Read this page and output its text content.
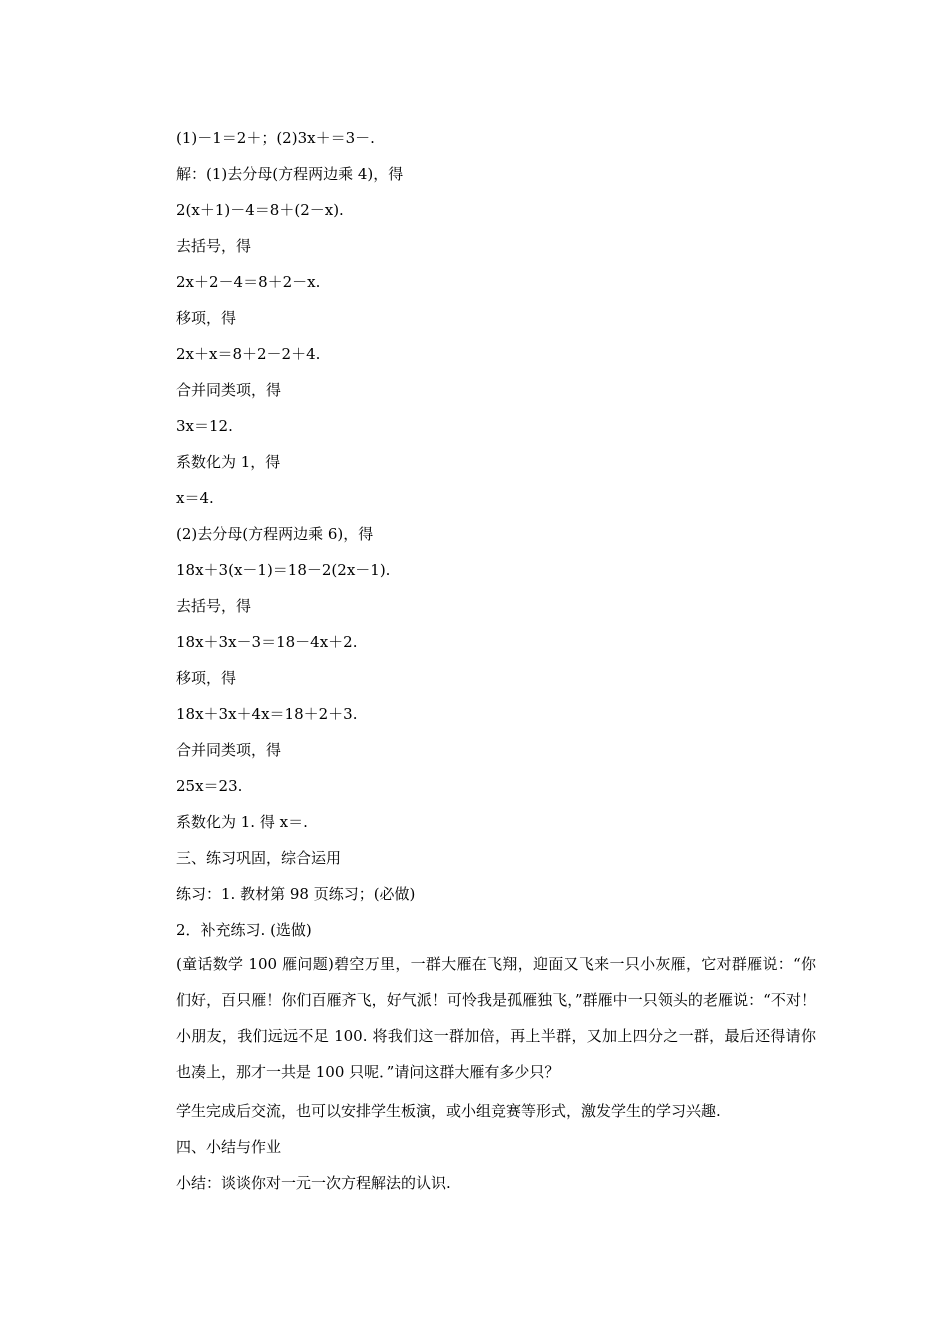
(1)－1＝2＋；(2)3x＋＝3－.
解：(1)去分母(方程两边乘 4)，得
2(x＋1)－4＝8＋(2－x).
去括号，得
2x＋2－4＝8＋2－x.
移项，得
2x＋x＝8＋2－2＋4.
合并同类项，得
3x＝12.
系数化为 1，得
x＝4.
(2)去分母(方程两边乘 6)，得
18x＋3(x－1)＝18－2(2x－1).
去括号，得
18x＋3x－3＝18－4x＋2.
移项，得
18x＋3x＋4x＝18＋2＋3.
合并同类项，得
25x＝23.
系数化为 1. 得 x＝.
三、练习巩固，综合运用
练习：1. 教材第 98 页练习；(必做)
2．补充练习. (选做)
(童话数学 100 雁问题)碧空万里，一群大雁在飞翔，迎面又飞来一只小灰雁，它对群雁说：“你们好，百只雁！你们百雁齐飞，好气派！可怜我是孤雁独飞，”群雁中一只领头的老雁说：“不对！小朋友，我们远远不足 100. 将我们这一群加倍，再上半群，又加上四分之一群，最后还得请你也凑上，那才一共是 100 只呢．”请问这群大雁有多少只？
学生完成后交流，也可以安排学生板演，或小组竞赛等形式，激发学生的学习兴趣.
四、小结与作业
小结：谈谈你对一元一次方程解法的认识.
